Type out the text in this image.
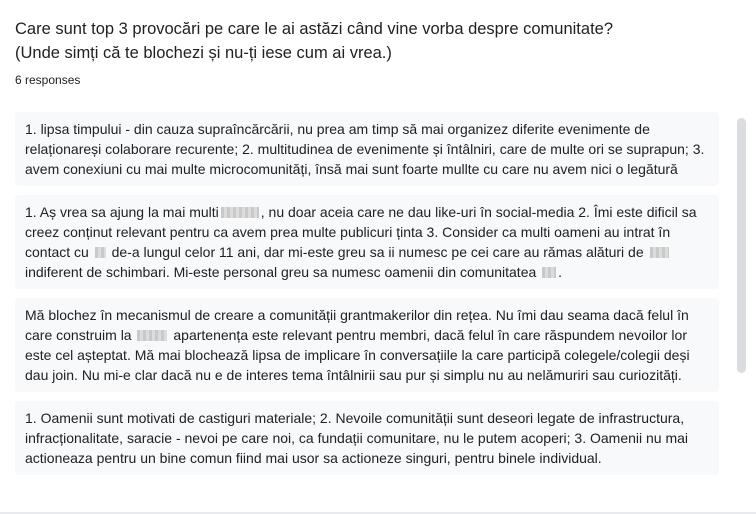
Care sunt top 3 provocări pe care le ai astăzi când vine vorba despre comunitate?
(Unde simți că te blochezi și nu-ți iese cum ai vrea.)
6 responses
1. lipsa timpului - din cauza supraîncărcării, nu prea am timp să mai organizez diferite evenimente de relaționareși colaborare recurente; 2. multitudinea de evenimente și întâlniri, care de multe ori se suprapun; 3. avem conexiuni cu mai multe microcomunități, însă mai sunt foarte mullte cu care nu avem nici o legătură
1. Aș vrea sa ajung la mai multi	, nu doar aceia care ne dau like-uri în social-media 2. Îmi este dificil sa creez conținut relevant pentru ca avem prea multe publicuri ținta 3. Consider ca multi oameni au intrat în contact cu de-a lungul celor 11 ani, dar mi-este greu sa ii numesc pe cei care au rămas alături de  indiferent de schimbari. Mi-este personal greu sa numesc oamenii din comunitatea .
Mă blochez în mecanismul de creare a comunității grantmakerilor din rețea. Nu îmi dau seama dacă felul în care construim la	apartenența este relevant pentru membri, dacă felul în care răspundem nevoilor lor este cel așteptat. Mă mai blochează lipsa de implicare în conversațiile la care participă colegele/colegii deși dau join. Nu mi-e clar dacă nu e de interes tema întâlnirii sau pur și simplu nu au nelămuriri sau curiozități.
1. Oamenii sunt motivati de castiguri materiale; 2. Nevoile comunității sunt deseori legate de infrastructura, infracționalitate, saracie - nevoi pe care noi, ca fundații comunitare, nu le putem acoperi; 3. Oamenii nu mai actioneaza pentru un bine comun fiind mai usor sa actioneze singuri, pentru binele individual.
